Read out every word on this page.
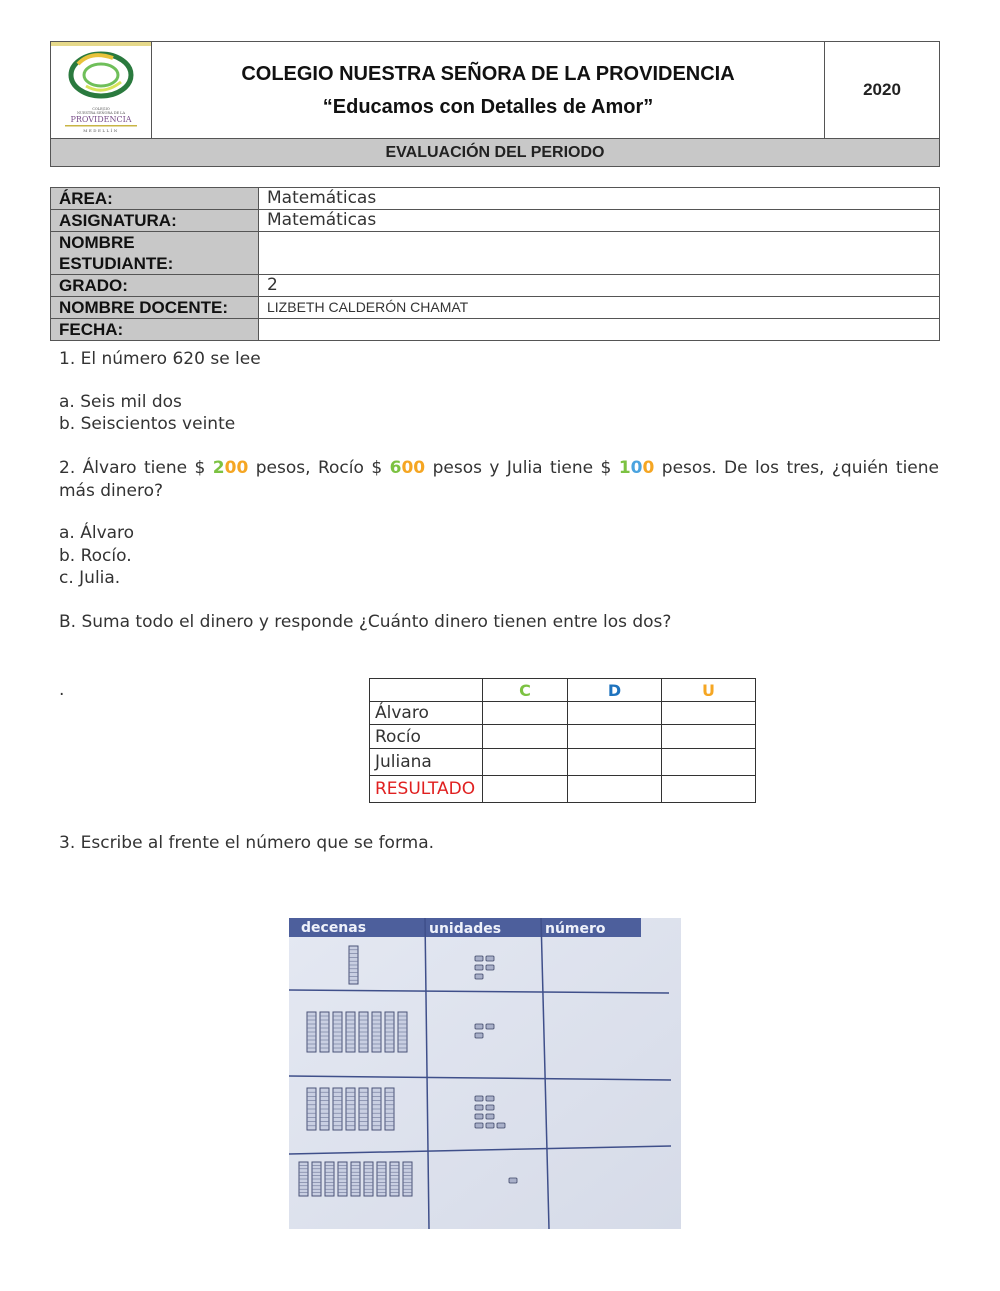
COLEGIO
NUESTRA SEÑORA DE LA
PROVIDENCIA
MEDELLÍN

COLEGIO NUESTRA SEÑORA DE LA PROVIDENCIA
“Educamos con Detalles de Amor”
	2020
EVALUACIÓN DEL PERIODO
ÁREA:	Matemáticas
ASIGNATURA:	Matemáticas
NOMBRE ESTUDIANTE:	
GRADO:	2
NOMBRE DOCENTE:	LIZBETH CALDERÓN CHAMAT
FECHA:	
1. El número 620 se lee
a. Seis mil dos
b. Seiscientos veinte
2. Álvaro tiene $ 200 pesos, Rocío $ 600 pesos y Julia tiene $ 100 pesos. De los tres, ¿quién tiene más dinero?
a. Álvaro
b. Rocío.
c. Julia.
B. Suma todo el dinero y responde ¿Cuánto dinero tienen entre los dos?
.
		C	D	U
Álvaro			
Rocío			
Juliana			
RESULTADO			
3. Escribe al frente el número que se forma.
decenas	unidades	número
